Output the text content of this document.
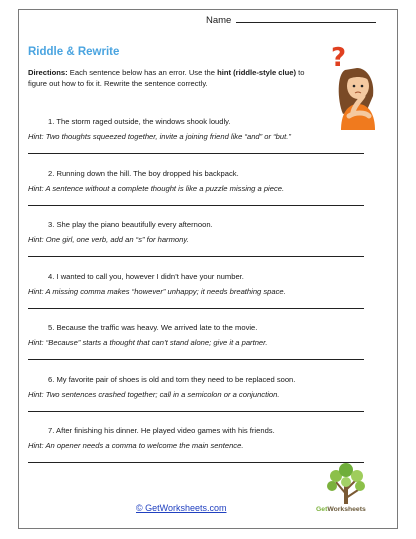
Name
Riddle & Rewrite
Directions: Each sentence below has an error. Use the hint (riddle-style clue) to figure out how to fix it. Rewrite the sentence correctly.
?
1. The storm raged outside, the windows shook loudly.
Hint: Two thoughts squeezed together, invite a joining friend like “and” or “but.”
2. Running down the hill. The boy dropped his backpack.
Hint: A sentence without a complete thought is like a puzzle missing a piece.
3. She play the piano beautifully every afternoon.
Hint: One girl, one verb, add an “s” for harmony.
4. I wanted to call you, however I didn’t have your number.
Hint: A missing comma makes “however” unhappy; it needs breathing space.
5. Because the traffic was heavy. We arrived late to the movie.
Hint: “Because” starts a thought that can’t stand alone; give it a partner.
6. My favorite pair of shoes is old and torn they need to be replaced soon.
Hint: Two sentences crashed together; call in a semicolon or a conjunction.
7. After finishing his dinner. He played video games with his friends.
Hint: An opener needs a comma to welcome the main sentence.
© GetWorksheets.com	GetWorksheets
